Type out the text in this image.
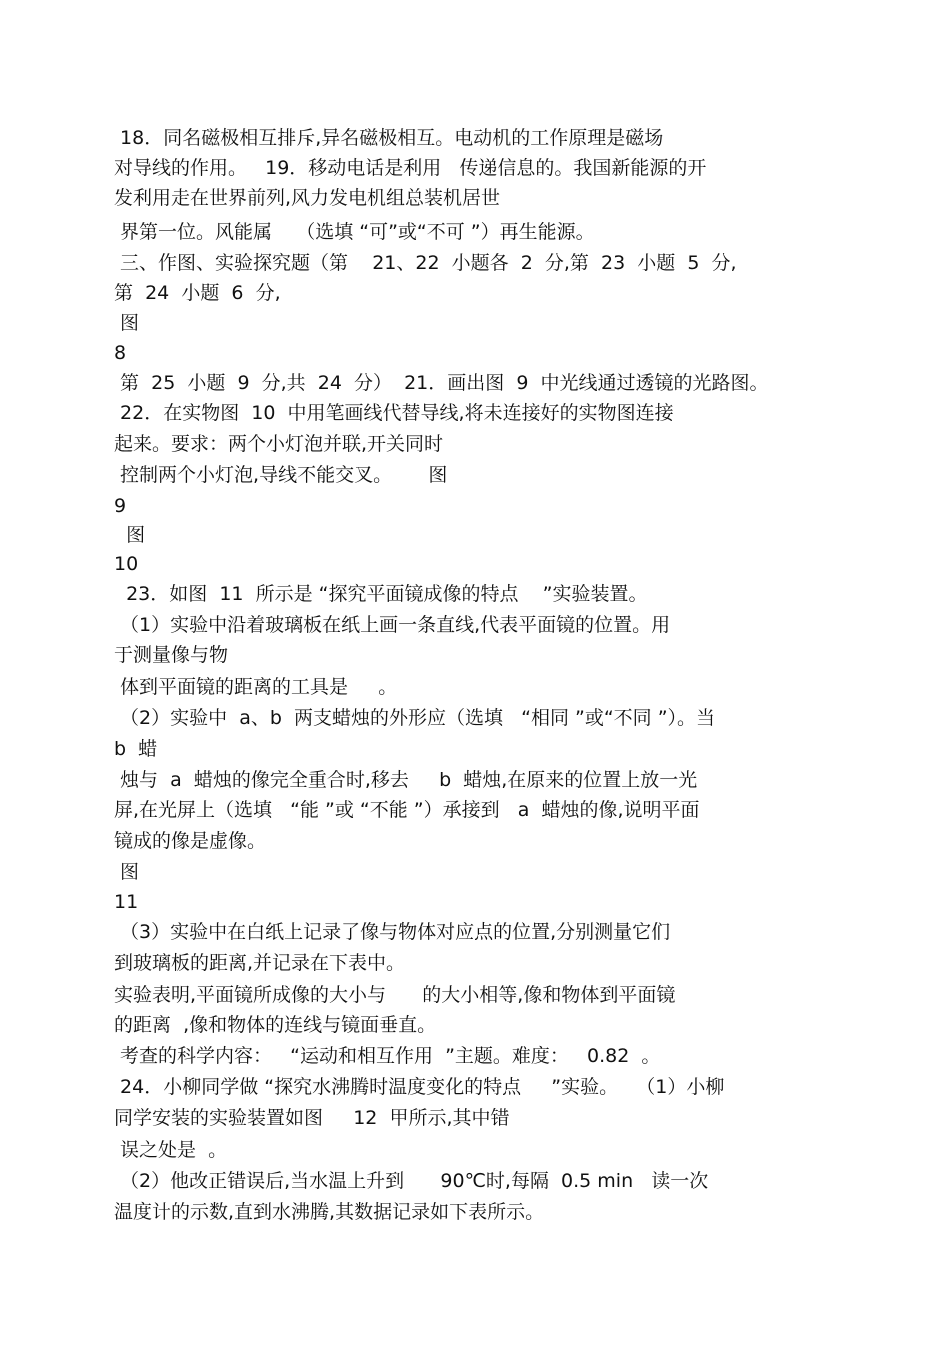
18．同名磁极相互排斥,异名磁极相互。电动机的工作原理是磁场
对导线的作用。   19．移动电话是利用   传递信息的。我国新能源的开
发利用走在世界前列,风力发电机组总装机居世
界第一位。风能属    （选填 “可”或“不可 ”）再生能源。
三、作图、实验探究题（第    21、22  小题各  2  分,第  23  小题  5  分,
第  24  小题  6  分,
图
8
第  25  小题  9  分,共  24  分）  21．画出图  9  中光线通过透镜的光路图。
22．在实物图  10  中用笔画线代替导线,将未连接好的实物图连接
起来。要求：两个小灯泡并联,开关同时
控制两个小灯泡,导线不能交叉。      图
9
图
10
23．如图  11  所示是 “探究平面镜成像的特点    ”实验装置。
（1）实验中沿着玻璃板在纸上画一条直线,代表平面镜的位置。用
于测量像与物
体到平面镜的距离的工具是     。
（2）实验中  a、b  两支蜡烛的外形应（选填   “相同 ”或“不同 ”）。当
b  蜡
烛与  a  蜡烛的像完全重合时,移去     b  蜡烛,在原来的位置上放一光
屏,在光屏上（选填   “能 ”或 “不能 ”）承接到   a  蜡烛的像,说明平面
镜成的像是虚像。
图
11
（3）实验中在白纸上记录了像与物体对应点的位置,分别测量它们
到玻璃板的距离,并记录在下表中。
实验表明,平面镜所成像的大小与      的大小相等,像和物体到平面镜
的距离  ,像和物体的连线与镜面垂直。
考查的科学内容：   “运动和相互作用  ”主题。难度：   0.82  。
24．小柳同学做 “探究水沸腾时温度变化的特点     ”实验。   （1）小柳
同学安装的实验装置如图     12  甲所示,其中错
误之处是  。
（2）他改正错误后,当水温上升到      90℃时,每隔  0.5 min   读一次
温度计的示数,直到水沸腾,其数据记录如下表所示。
